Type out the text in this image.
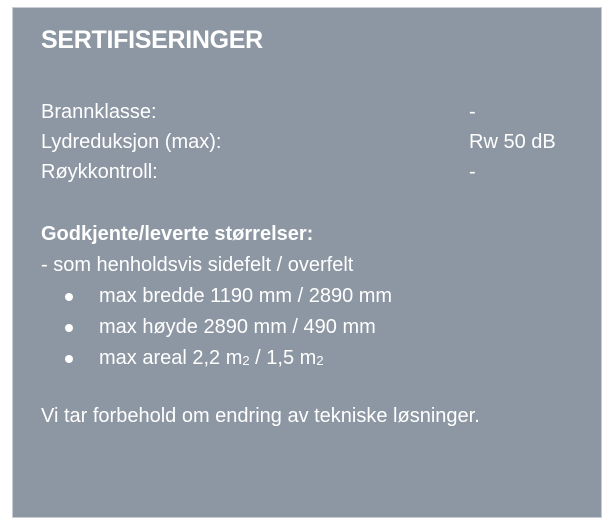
SERTIFISERINGER
Brannklasse:	-
Lydreduksjon (max):	Rw 50 dB
Røykkontroll:	-
Godkjente/leverte størrelser:
- som henholdsvis sidefelt / overfelt
max bredde 1190 mm / 2890 mm
max høyde 2890 mm / 490 mm
max areal 2,2 m2 / 1,5 m2
Vi tar forbehold om endring av tekniske løsninger.
